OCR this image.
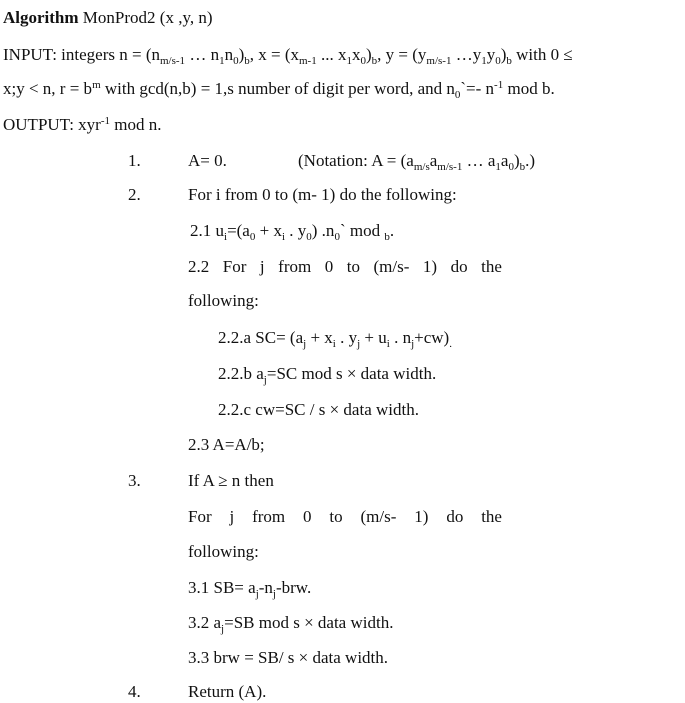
Algorithm MonProd2 (x ,y, n)
INPUT: integers $n = (n_{m/s-1}$ … $n_1n_0)_b$, $x = (x_{m-1}$ ... $x_1x_0)_b$, $y = (y_{m/s-1}$ $\dots y_1y_0)_b$ with 0 ≤
x;y < n, $r = b^m$ with gcd(n,b) = 1,s number of digit per word, and $n_0`=-$ $n^{-1}$ mod b.
OUTPUT: xyr$^{-1}$ mod n.
1.	A= 0.	(Notation: $A = (a_{m/s}a_{m/s-1}$ … $a_1a_0)_b$.)
2.	For i from 0 to (m- 1) do the following:
2.1 $u_i=(a_0 + x_i$ . $y_0$) $.n_0`$ mod $_b$.
2.2 For j from 0 to (m/s- 1) do the
following:
2.2.a $SC= (a_j + x_i$ . $y_j + u_i$ . $n_j+cw)_.$
2.2.b $a_j=SC$ mod s × data width.
2.2.c cw=SC / s × data width.
2.3 A=A/b;
3.	If A ≥ n then
For j from 0 to (m/s- 1) do the
following:
3.1 $SB= a_j-n_j$-brw.
3.2 $a_j=SB$ mod s × data width.
3.3 brw = SB/ s × data width.
4.	Return (A).
